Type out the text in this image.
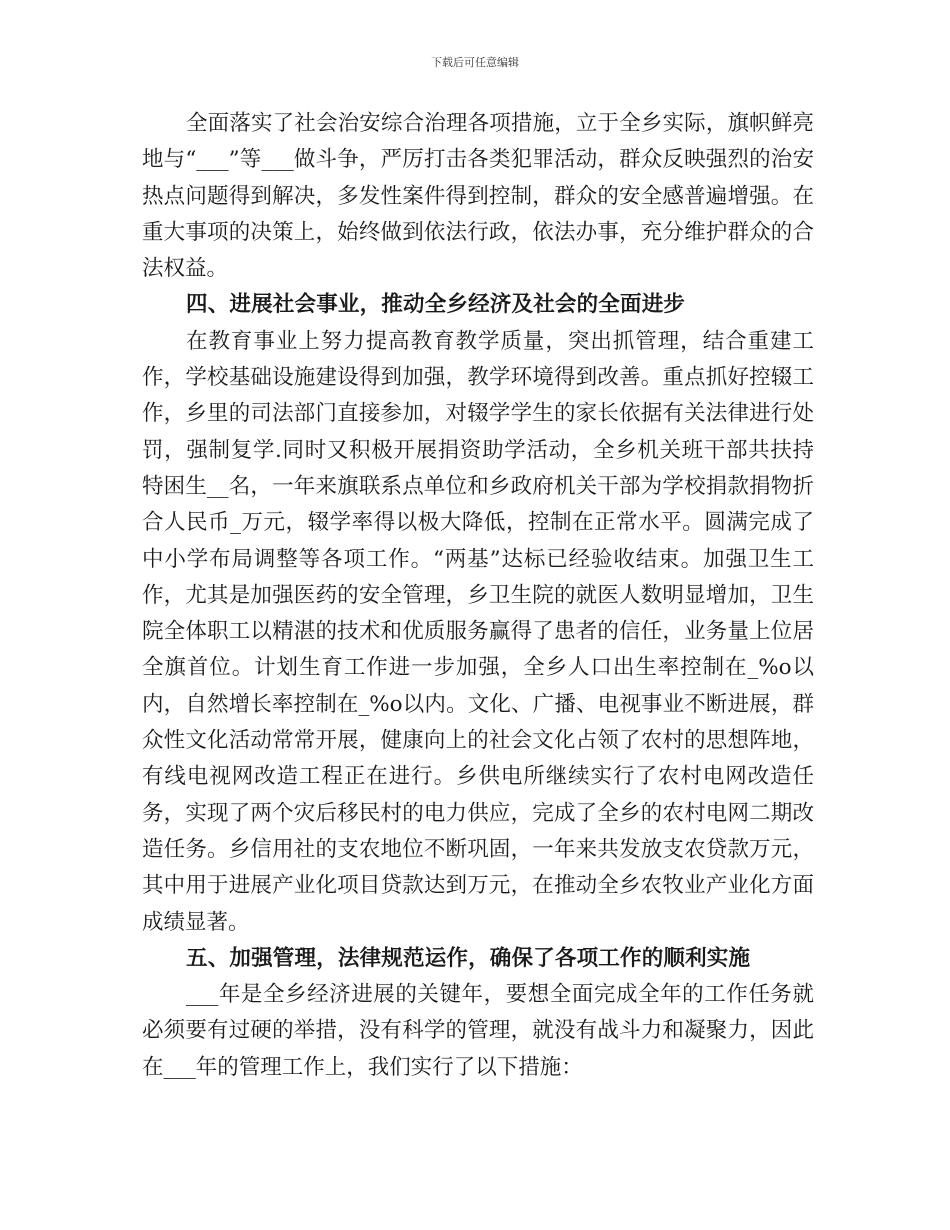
下载后可任意编辑

全面落实了社会治安综合治理各项措施，立于全乡实际，旗帜鲜亮地与“___”等___做斗争，严厉打击各类犯罪活动，群众反映强烈的治安热点问题得到解决，多发性案件得到控制，群众的安全感普遍增强。在重大事项的决策上，始终做到依法行政，依法办事，充分维护群众的合法权益。

四、进展社会事业，推动全乡经济及社会的全面进步

在教育事业上努力提高教育教学质量，突出抓管理，结合重建工作，学校基础设施建设得到加强，教学环境得到改善。重点抓好控辍工作，乡里的司法部门直接参加，对辍学学生的家长依据有关法律进行处罚，强制复学.同时又积极开展捐资助学活动，全乡机关班干部共扶持特困生__名，一年来旗联系点单位和乡政府机关干部为学校捐款捐物折合人民币_万元，辍学率得以极大降低，控制在正常水平。圆满完成了中小学布局调整等各项工作。“两基”达标已经验收结束。加强卫生工作，尤其是加强医药的安全管理，乡卫生院的就医人数明显增加，卫生院全体职工以精湛的技术和优质服务赢得了患者的信任，业务量上位居全旗首位。计划生育工作进一步加强，全乡人口出生率控制在_%o以内，自然增长率控制在_%o以内。文化、广播、电视事业不断进展，群众性文化活动常常开展，健康向上的社会文化占领了农村的思想阵地，有线电视网改造工程正在进行。乡供电所继续实行了农村电网改造任务，实现了两个灾后移民村的电力供应，完成了全乡的农村电网二期改造任务。乡信用社的支农地位不断巩固，一年来共发放支农贷款万元，其中用于进展产业化项目贷款达到万元，在推动全乡农牧业产业化方面成绩显著。

五、加强管理，法律规范运作，确保了各项工作的顺利实施

___年是全乡经济进展的关键年，要想全面完成全年的工作任务就必须要有过硬的举措，没有科学的管理，就没有战斗力和凝聚力，因此在___年的管理工作上，我们实行了以下措施：
